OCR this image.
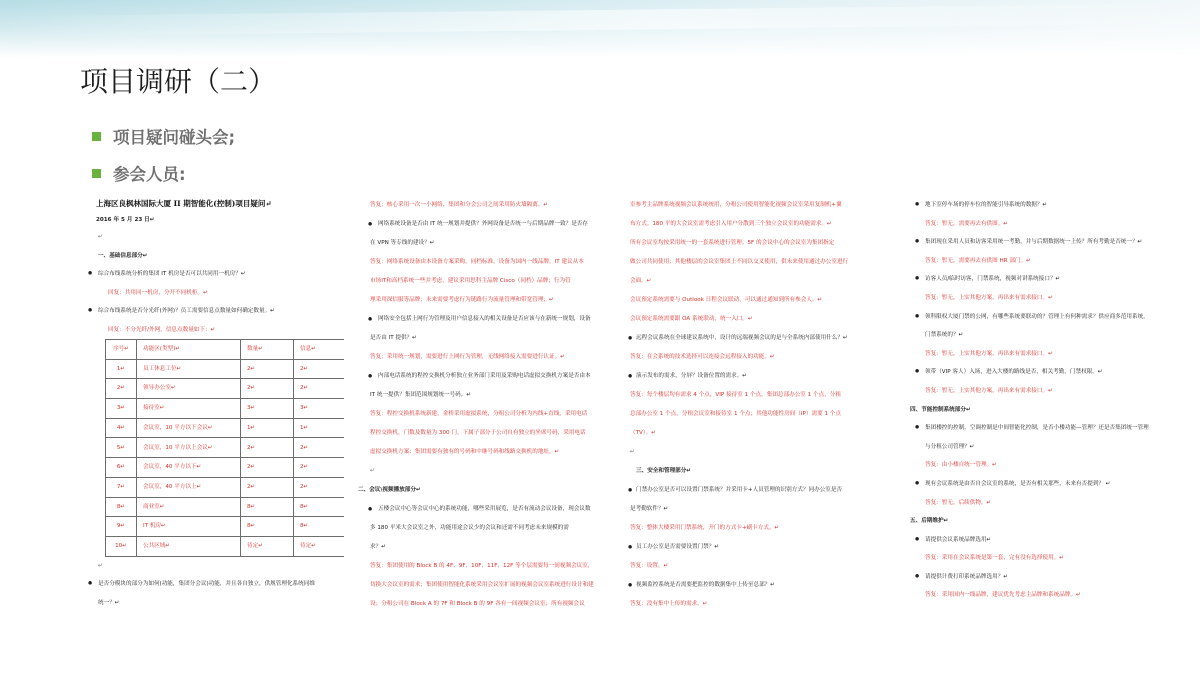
项目调研（二）
项目疑问碰头会;
参会人员:
上海区良枫林国际大厦 II 期智能化(控制)项目疑问↵
2016 年 5 月 23 日↵
↵
一、基础信息部分↵
● 综合布线系统分析的集团 IT 机房是否可以共同用一机房？↵
回复：共用同一机房，分开不同机柜。↵
● 综合布线系统是否分光纤(外网)？员工需要信息点数量如何确定数量。↵
回复：不分光纤/外网，信息点数量如下：↵
序号↵	功能区(类型)↵	数量↵	信息↵
1↵	员工休息工位↵	2↵	2↵
2↵	领导办公室↵	2↵	2↵
3↵	接待室↵	3↵	3↵
4↵	会议室，10 平方以下会议↵	1↵	1↵
5↵	会议室，10 平方以上会议↵	2↵	2↵
6↵	会议室，40 平方以下↵	2↵	2↵
7↵	会议室，40 平方以上↵	2↵	2↵
8↵	商业室↵	8↵	8↵
9↵	IT 机房↵	8↵	8↵
10↵	公共区域↵	待定↵	待定↵
↵
● 是否分模块的部分为如何(功能，集团分会议)功能，并且各自独立，供规管理化系统同维
统一？↵
答复：核心采用一次一小网络，集团和分会公司之间采用防火墙隔离。↵
● 网络系统设备是否由 IT 统一规划并提供？外网设备是否统一与后期品牌一致？是否存
在 VPN 等专线的建设？↵
答复：网络系统设备由本设备方案采购，同档标准。设备为国内一线品牌，IT 建议从本
市场IT和高档系统一些并考虑，建议采用思科主品牌 Cisco（同档）品牌；行为管
理采用深信服等品牌；未来需要考虑行为链路行为流量管理和带宽管理；↵
● 网络安全包括上网行为管理及用户信息接入的相关设备是否应该与在新统一规划，设备
是否由 IT 提供？↵
答复：采用统一规划，需要进行上网行为管理，无线网络接入需要进行认证。↵
● 内部电话系统的程控交换机分析独立业务部门采用及采购电话虚拟交换机方案是否由本
IT 统一提供？集团范围规划统一号码。↵
答复：程控交换机系统新建，金桥采用虚拟系统，分租公司分析为内线+直线，采用电话
程控交换机，门数及数量为 300 门。下属子部分于公司自有独立的坐席号码，采用电话
虚拟交换机方案；集团需要有独有的号码和中继号码和线路交换机的地址。↵
↵
二、会议\视频播放部分↵
● 五楼会议中心等会议中心的系统功能，哪些采用展览，是否有流动会议设备，现会议数
多 180 平米大会议室之外，功能用途会议少的会议和还需不同考虑未来规模的需
求？↵
答复：集团使用的 Block B 的 4F、9F、10F、11F、12F 等个层需要每一间视频会议室，
切换大会议室的需求；集团使用智能化系统采用会议室扩展的视频会议室系统进行设计和建
设；分租公司在 Block A 的 7F 和 Block B 的 9F 各有一间视频会议室；所有视频会议
室参考主品牌系统视频会议系统统用，分租公司使用智能化视频会议室采用复制机+翼
布方式。180 平的大会议室需考虑引入用户分散到三个独立会议室的功能需求。↵
所有会议室均按采用统一的一套系统进行管理。5F 的会议中心的会议室为集团指定
做公司共同使用；其他楼层的会议室集团上不同以交叉使用，供未来使用通过办公室进行
会面。↵
会议预定系统需要与 Outlook 日程会议联动，可以通过通知到所有参会人。↵
会议预定系统需要跟 OA 系统联动，统一入口。↵
● 远程会议系统在全球建议系统中，设计的远端视频会议的是与全系统内部使用什么？↵
答复：在会系统的技术选择可以连接会远程接入的功能。↵
● 演示发布的需求，分屏？设备位置的需求。↵
答复：每个楼层均有需求 4 个点，VIP 接待室 1 个点，集团总部办公室 1 个点，分租
总部办公室 1 个点，分租会议室和接待室 1 个点；其他功能性房间（IP）需要 1 个点
（TV）。↵
↵
三、安全和管理部分↵
● 门禁办公室是否可以设置门禁系统？并采用卡+人员管理的识别方式？同办公室是否
是考勤软件？↵
答复：整体大楼采用门禁系统，开门的方式卡+刷卡方式。↵
● 员工办公室是否需要设置门禁？↵
答复：设置。↵
● 视频监控系统是否需要把监控的数据集中上传至总部？↵
答复：没有集中上传的需求。↵
● 地下室停车场的停车位的智能引导系统的数据？↵
答复：暂无，需要再去有供图。↵
● 集团现在采用人员和访客采用统一考勤，并与后期数据统一上传？所有考勤是否统一？↵
答复：暂无，需要再去有供图 HR 部门。↵
● 访客人员/临时访客，门禁系统，视频对讲系统接口？↵
答复：暂无，上实其他方案，再出来有需求接口。↵
● 领科限权大厦门禁的公网，有哪些系统要联动的？管理上有何种需求？供应商多范用系统，
门禁系统的？↵
答复：暂无，上实其他方案，再出来有需求接口。↵
● 领带（VIP 客人）入场，进入大楼的路线是否，相关考勤，门禁权限。↵
答复：暂无，上实其他方案，再出来有需求接口。↵
四、节能控制系统部分↵
● 集团楼控的控制，空调控制是中间智能化控制，是否小楼功能—管理？还是否集团统一管理
与分租公司管理？↵
答复：由小楼自统一管理。↵
● 现有会议系统是由否自会议室的系统，是否有相关那些，未来有否提到？ ↵
答复：暂无，后续供物。↵
五、后期维护↵
● 请提供会议系统品牌选用↵
答复：采用在会议系统是第一套，完有没有选择使用。↵
● 请提供计费打印系统品牌选用？↵
答复：采用国内一线品牌，建议优先考虑主品牌和系统品牌。↵
